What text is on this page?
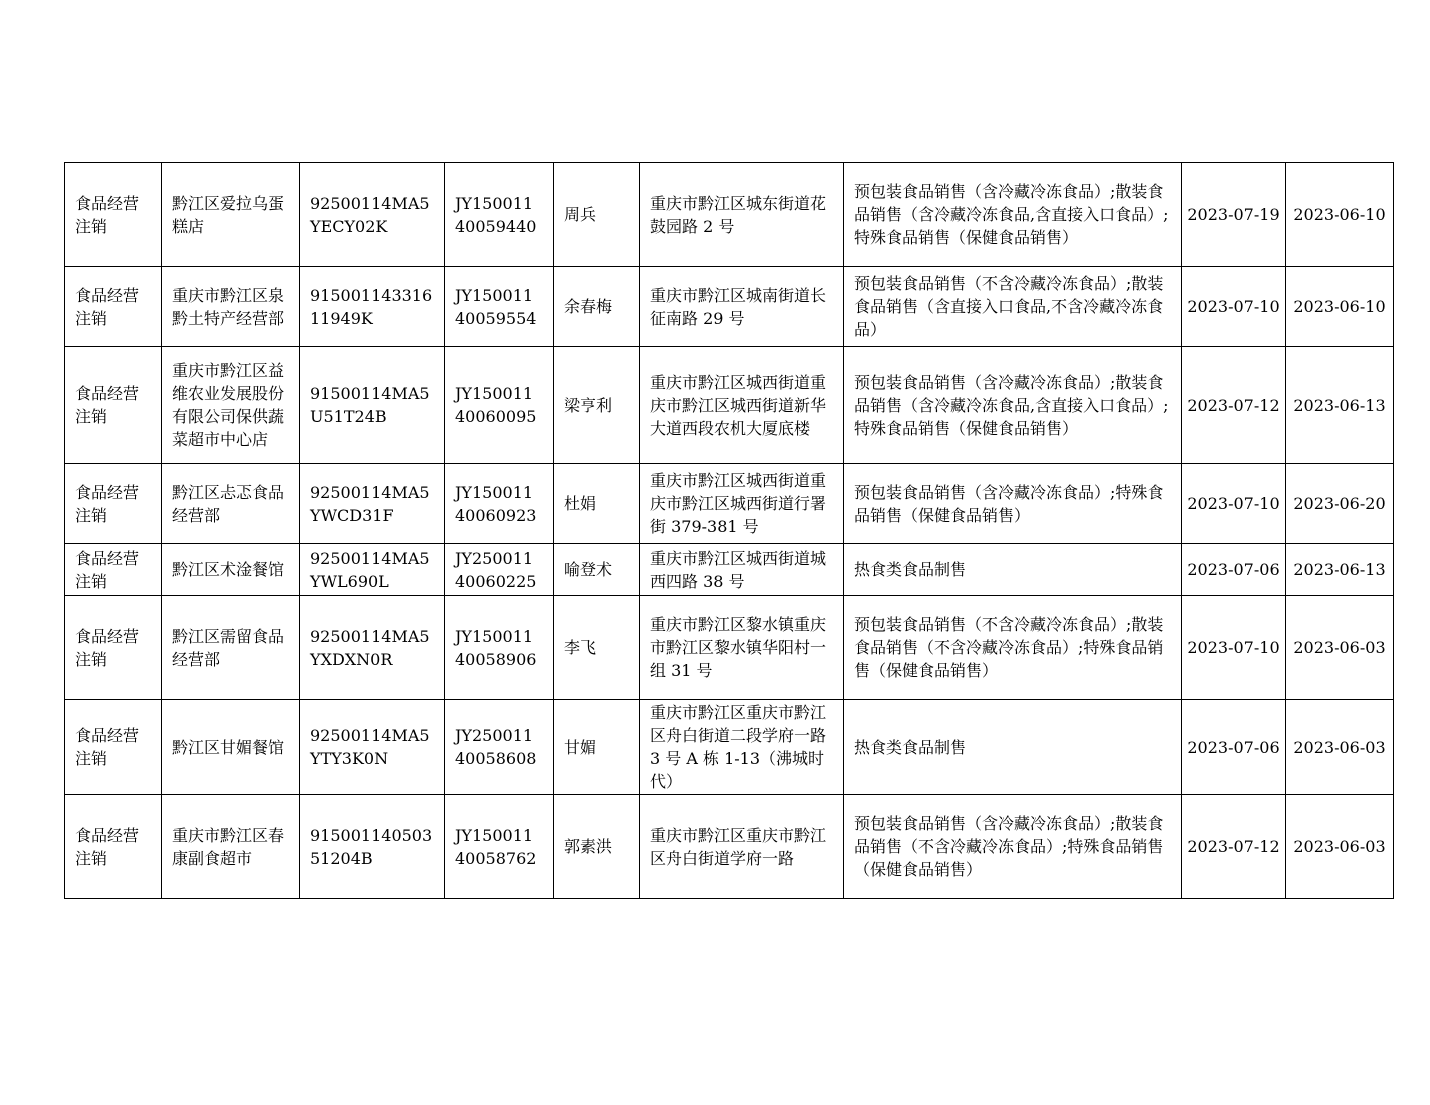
食品经营注销	黔江区爱拉乌蛋糕店	92500114MA5YECY02K	JY15001140059440	周兵	重庆市黔江区城东街道花鼓园路 2 号	预包装食品销售（含冷藏冷冻食品）;散装食品销售（含冷藏冷冻食品,含直接入口食品）;特殊食品销售（保健食品销售）	2023-07-19	2023-06-10
食品经营注销	重庆市黔江区泉黔土特产经营部	91500114331611949K	JY15001140059554	余春梅	重庆市黔江区城南街道长征南路 29 号	预包装食品销售（不含冷藏冷冻食品）;散装食品销售（含直接入口食品,不含冷藏冷冻食品）	2023-07-10	2023-06-10
食品经营注销	重庆市黔江区益维农业发展股份有限公司保供蔬菜超市中心店	91500114MA5U51T24B	JY15001140060095	梁亨利	重庆市黔江区城西街道重庆市黔江区城西街道新华大道西段农机大厦底楼	预包装食品销售（含冷藏冷冻食品）;散装食品销售（含冷藏冷冻食品,含直接入口食品）;特殊食品销售（保健食品销售）	2023-07-12	2023-06-13
食品经营注销	黔江区忐忑食品经营部	92500114MA5YWCD31F	JY15001140060923	杜娟	重庆市黔江区城西街道重庆市黔江区城西街道行署街 379-381 号	预包装食品销售（含冷藏冷冻食品）;特殊食品销售（保健食品销售）	2023-07-10	2023-06-20
食品经营注销	黔江区术淦餐馆	92500114MA5YWL690L	JY25001140060225	喻登术	重庆市黔江区城西街道城西四路 38 号	热食类食品制售	2023-07-06	2023-06-13
食品经营注销	黔江区需留食品经营部	92500114MA5YXDXN0R	JY15001140058906	李飞	重庆市黔江区黎水镇重庆市黔江区黎水镇华阳村一组 31 号	预包装食品销售（不含冷藏冷冻食品）;散装食品销售（不含冷藏冷冻食品）;特殊食品销售（保健食品销售）	2023-07-10	2023-06-03
食品经营注销	黔江区甘媚餐馆	92500114MA5YTY3K0N	JY25001140058608	甘媚	重庆市黔江区重庆市黔江区舟白街道二段学府一路 3 号 A 栋 1-13（沸城时代）	热食类食品制售	2023-07-06	2023-06-03
食品经营注销	重庆市黔江区春康副食超市	91500114050351204B	JY15001140058762	郭素洪	重庆市黔江区重庆市黔江区舟白街道学府一路	预包装食品销售（含冷藏冷冻食品）;散装食品销售（不含冷藏冷冻食品）;特殊食品销售（保健食品销售）	2023-07-12	2023-06-03
